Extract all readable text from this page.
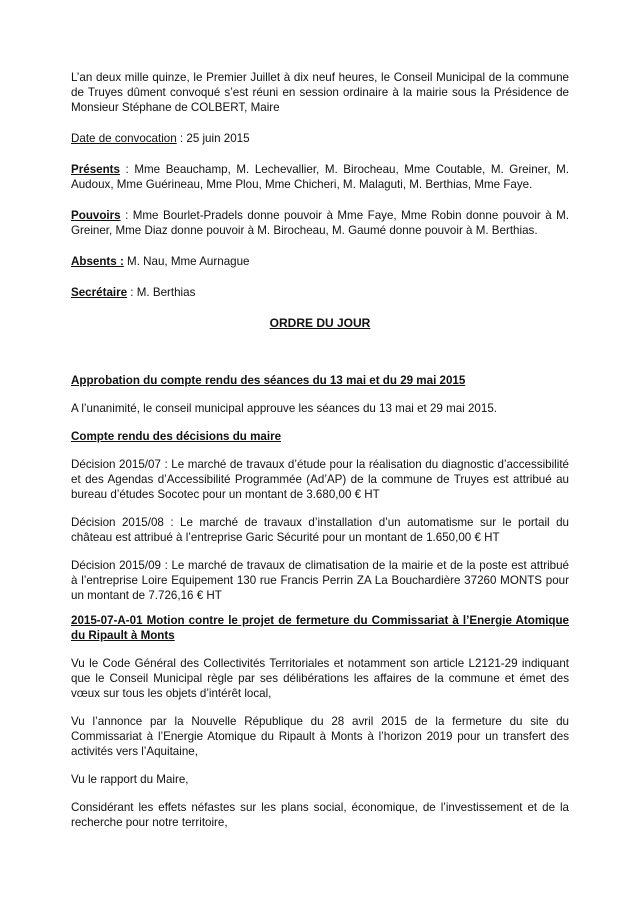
L’an deux mille quinze, le Premier Juillet à dix neuf heures, le Conseil Municipal de la commune de Truyes dûment convoqué s’est réuni en session ordinaire à la mairie sous la Présidence de Monsieur Stéphane de COLBERT, Maire

Date de convocation : 25 juin 2015

Présents : Mme Beauchamp, M. Lechevallier, M. Birocheau, Mme Coutable, M. Greiner, M. Audoux, Mme Guérineau, Mme Plou, Mme Chicheri, M. Malaguti, M. Berthias, Mme Faye.

Pouvoirs : Mme Bourlet-Pradels donne pouvoir à Mme Faye, Mme Robin donne pouvoir à M. Greiner, Mme Diaz donne pouvoir à M. Birocheau, M. Gaumé donne pouvoir à M. Berthias.

Absents : M. Nau, Mme Aurnague

Secrétaire : M. Berthias

ORDRE DU JOUR

Approbation du compte rendu des séances du 13 mai et du 29 mai 2015

A l’unanimité, le conseil municipal approuve les séances du 13 mai et 29 mai 2015.

Compte rendu des décisions du maire

Décision 2015/07 : Le marché de travaux d’étude pour la réalisation du diagnostic d’accessibilité et des Agendas d’Accessibilité Programmée (Ad’AP) de la commune de Truyes est attribué au bureau d’études Socotec pour un montant de 3.680,00 € HT

Décision 2015/08 : Le marché de travaux d’installation d’un automatisme sur le portail du château est attribué à l’entreprise Garic Sécurité pour un montant de 1.650,00 € HT

Décision 2015/09 : Le marché de travaux de climatisation de la mairie et de la poste est attribué à l’entreprise Loire Equipement 130 rue Francis Perrin ZA La Bouchardière 37260 MONTS pour un montant de 7.726,16 € HT

2015-07-A-01 Motion contre le projet de fermeture du Commissariat à l’Energie Atomique du Ripault à Monts

Vu le Code Général des Collectivités Territoriales et notamment son article L2121-29 indiquant que le Conseil Municipal règle par ses délibérations les affaires de la commune et émet des vœux sur tous les objets d’intérêt local,

Vu l’annonce par la Nouvelle République du 28 avril 2015 de la fermeture du site du Commissariat à l’Energie Atomique du Ripault à Monts à l’horizon 2019 pour un transfert des activités vers l’Aquitaine,

Vu le rapport du Maire,

Considérant les effets néfastes sur les plans social, économique, de l’investissement et de la recherche pour notre territoire,
